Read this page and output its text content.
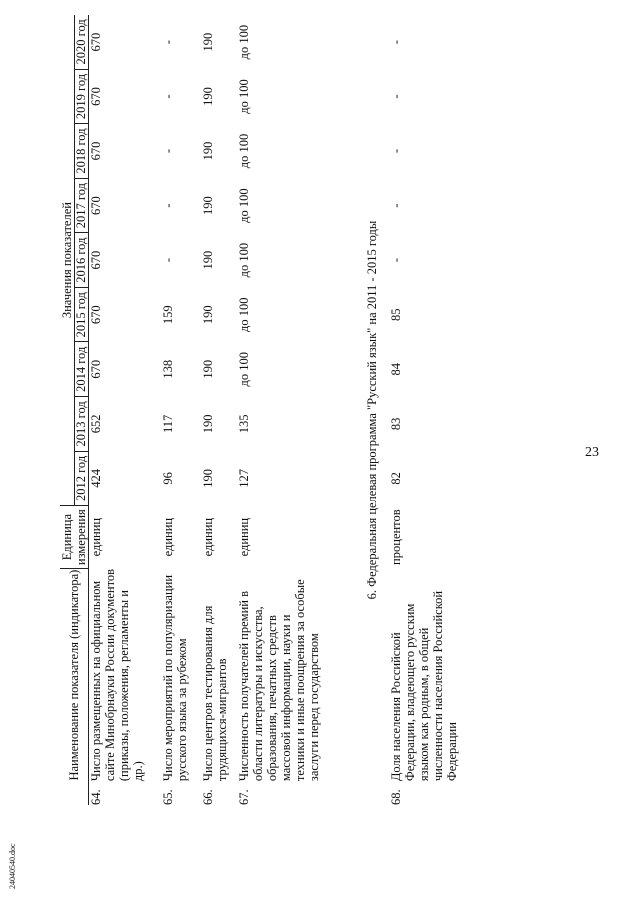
23
24040540.doc
	Наименование показателя (индикатора)	Единица измерения	Значения показателей								
			2012 год	2013 год	2014 год	2015 год	2016 год	2017 год	2018 год	2019 год	2020 год
64.	Число размещенных на официальном сайте Минобрнауки России документов (приказы, положения, регламенты и др.)	единиц	424	652	670	670	670	670	670	670	670
65.	Число мероприятий по популяризации русского языка за рубежом	единиц	96	117	138	159	-	-	-	-	-
66.	Число центров тестирования для трудящихся-мигрантов	единиц	190	190	190	190	190	190	190	190	190
67.	Численность получателей премий в области литературы и искусства, образования, печатных средств массовой информации, науки и техники и иные поощрения за особые заслуги перед государством	единиц	127	135	до 100	до 100	до 100	до 100	до 100	до 100	до 100
6. Федеральная целевая программа "Русский язык" на 2011 - 2015 годы											
68.	Доля населения Российской Федерации, владеющего русским языком как родным, в общей численности населения Российской Федерации	процентов	82	83	84	85	-	-	-	-	-
